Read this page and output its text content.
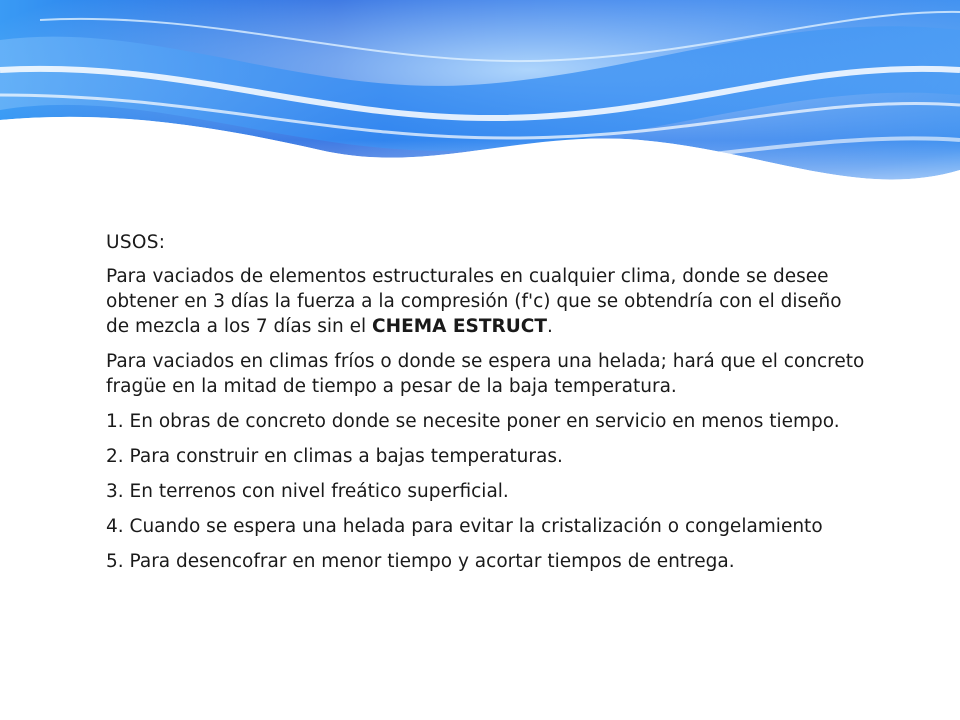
USOS:

Para vaciados de elementos estructurales en cualquier clima, donde se desee obtener en 3 días la fuerza a la compresión (f'c) que se obtendría con el diseño de mezcla a los 7 días sin el CHEMA ESTRUCT.

Para vaciados en climas fríos o donde se espera una helada; hará que el concreto fragüe en la mitad de tiempo a pesar de la baja temperatura.

1. En obras de concreto donde se necesite poner en servicio en menos tiempo.

2. Para construir en climas a bajas temperaturas.

3. En terrenos con nivel freático superficial.

4. Cuando se espera una helada para evitar la cristalización o congelamiento

5. Para desencofrar en menor tiempo y acortar tiempos de entrega.
